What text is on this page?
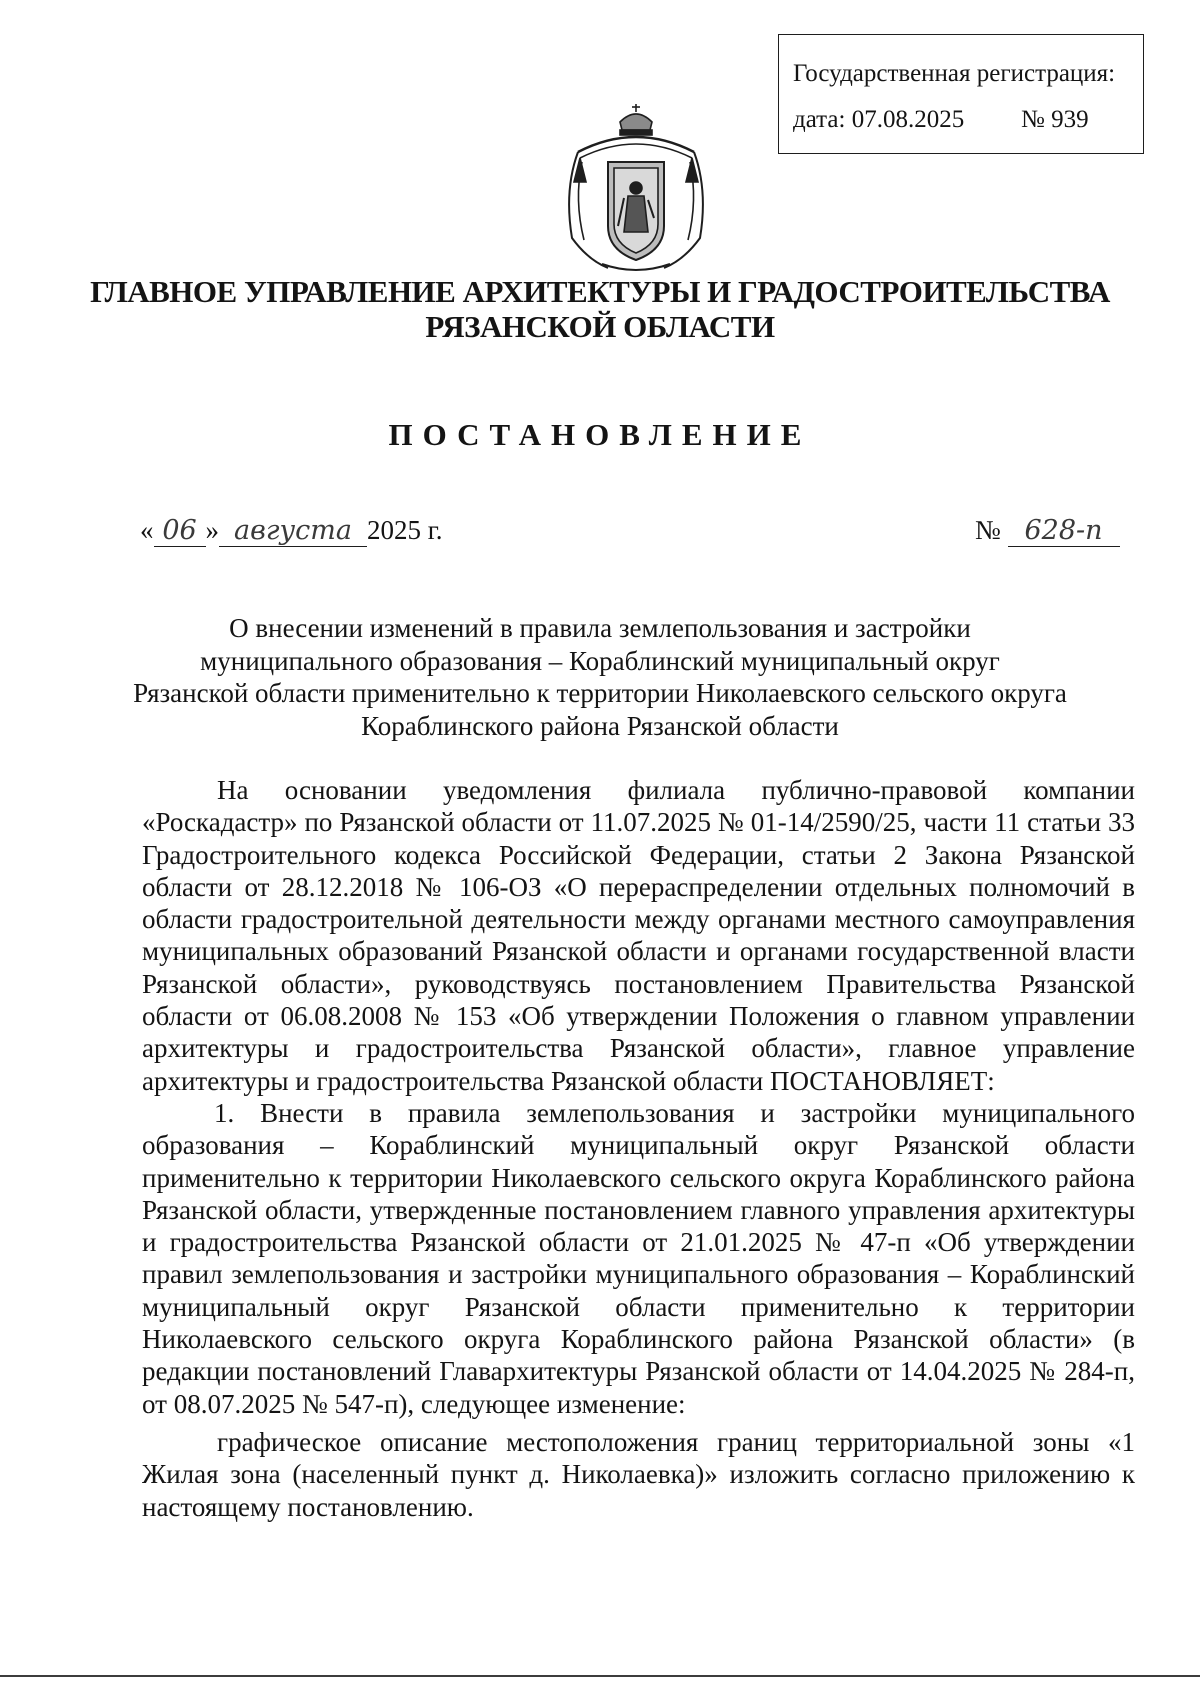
Государственная регистрация:
дата: 07.08.2025 № 939
ГЛАВНОЕ УПРАВЛЕНИЕ АРХИТЕКТУРЫ И ГРАДОСТРОИТЕЛЬСТВА
РЯЗАНСКОЙ ОБЛАСТИ
ПОСТАНОВЛЕНИЕ
« 06 » августа 2025 г.	№ 628-п
О внесении изменений в правила землепользования и застройки
муниципального образования – Кораблинский муниципальный округ
Рязанской области применительно к территории Николаевского сельского округа
Кораблинского района Рязанской области

На основании уведомления филиала публично-правовой компании «Роскадастр» по Рязанской области от 11.07.2025 № 01-14/2590/25, части 11 статьи 33 Градостроительного кодекса Российской Федерации, статьи 2 Закона Рязанской области от 28.12.2018 № 106-ОЗ «О перераспределении отдельных полномочий в области градостроительной деятельности между органами местного самоуправления муниципальных образований Рязанской области и органами государственной власти Рязанской области», руководствуясь постановлением Правительства Рязанской области от 06.08.2008 № 153 «Об утверждении Положения о главном управлении архитектуры и градостроительства Рязанской области», главное управление архитектуры и градостроительства Рязанской области ПОСТАНОВЛЯЕТ:

1. Внести в правила землепользования и застройки муниципального образования – Кораблинский муниципальный округ Рязанской области применительно к территории Николаевского сельского округа Кораблинского района Рязанской области, утвержденные постановлением главного управления архитектуры и градостроительства Рязанской области от 21.01.2025 № 47-п «Об утверждении правил землепользования и застройки муниципального образования – Кораблинский муниципальный округ Рязанской области применительно к территории Николаевского сельского округа Кораблинского района Рязанской области» (в редакции постановлений Главархитектуры Рязанской области от 14.04.2025 № 284-п, от 08.07.2025 № 547-п), следующее изменение:

графическое описание местоположения границ территориальной зоны «1 Жилая зона (населенный пункт д. Николаевка)» изложить согласно приложению к настоящему постановлению.
